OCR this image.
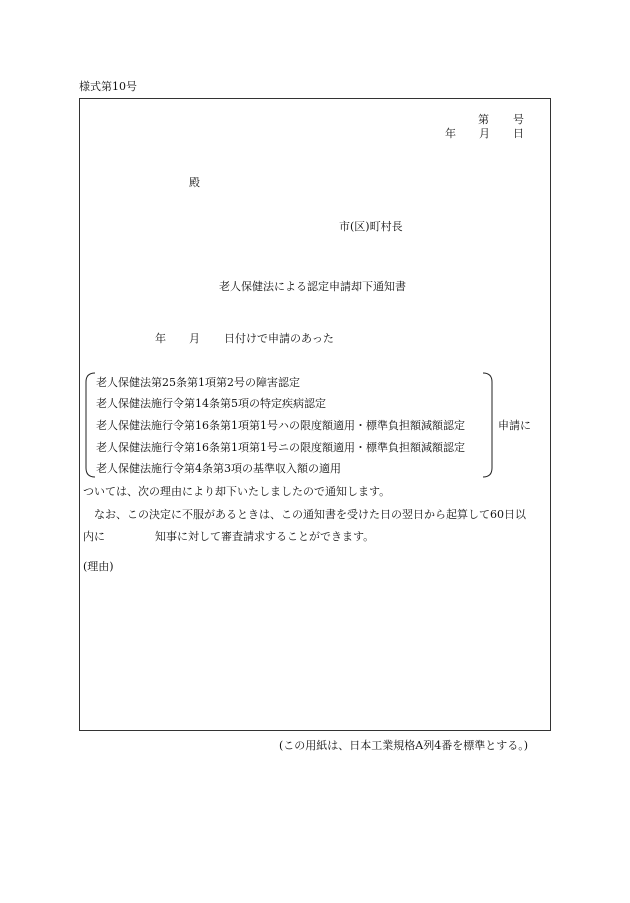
様式第10号
第 号
年 月 日
殿
市(区)町村長
老人保健法による認定申請却下通知書
年 月 日付けで申請のあった
老人保健法第25条第1項第2号の障害認定
老人保健法施行令第14条第5項の特定疾病認定
老人保健法施行令第16条第1項第1号ハの限度額適用・標準負担額減額認定
老人保健法施行令第16条第1項第1号ニの限度額適用・標準負担額減額認定
老人保健法施行令第4条第3項の基準収入額の適用
申請に
ついては、次の理由により却下いたしましたので通知します。
なお、この決定に不服があるときは、この通知書を受けた日の翌日から起算して60日以
内に	知事に対して審査請求することができます。
(理由)
(この用紙は、日本工業規格A列4番を標準とする。)
